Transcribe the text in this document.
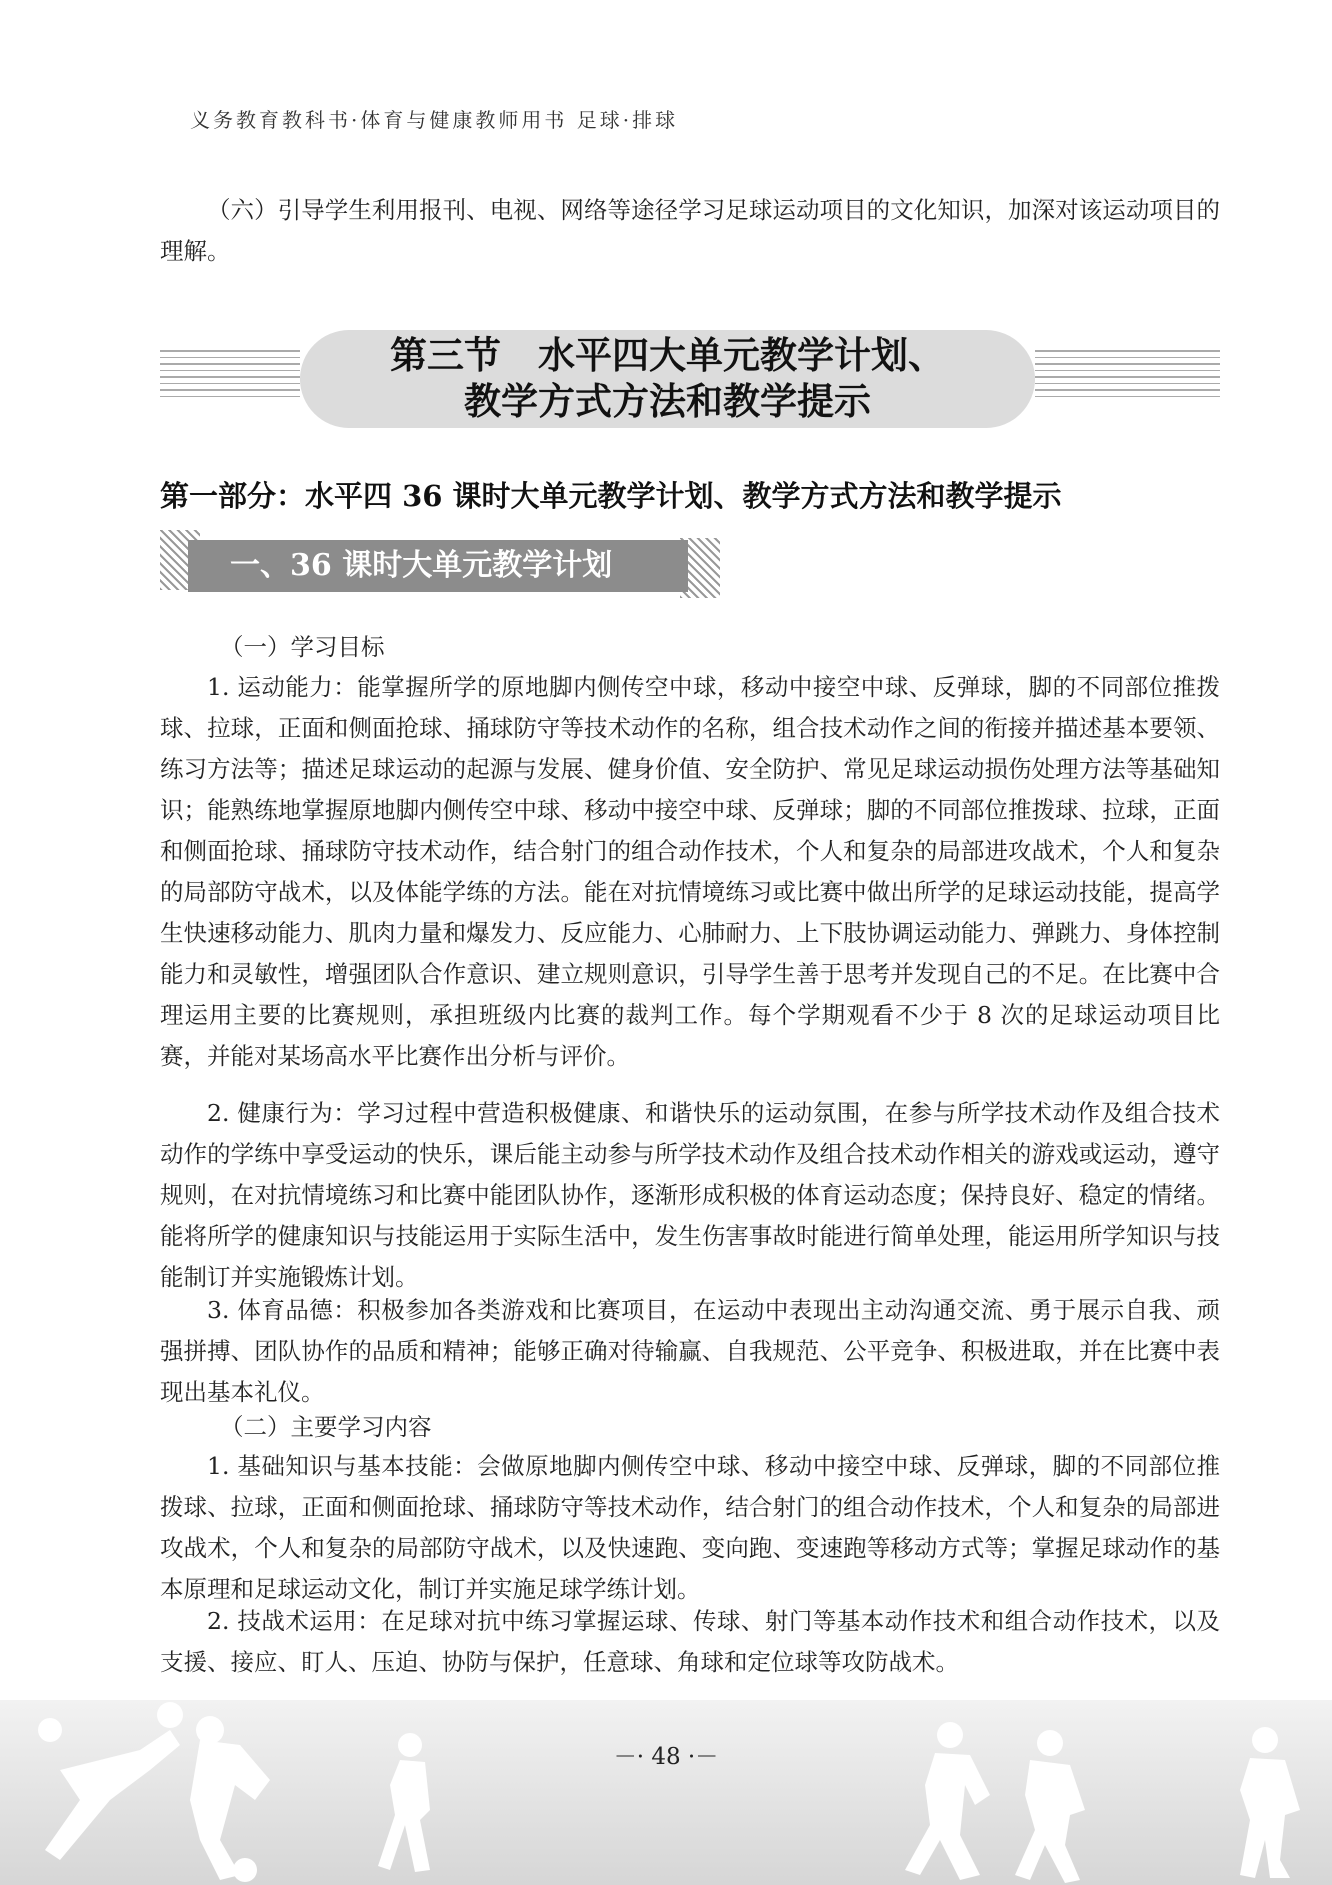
义务教育教科书·体育与健康教师用书 足球·排球

（六）引导学生利用报刊、电视、网络等途径学习足球运动项目的文化知识，加深对该运动项目的理解。

第三节　水平四大单元教学计划、
教学方式方法和教学提示
第一部分：水平四 36 课时大单元教学计划、教学方式方法和教学提示
一、36 课时大单元教学计划
（一）学习目标

1. 运动能力：能掌握所学的原地脚内侧传空中球，移动中接空中球、反弹球，脚的不同部位推拨球、拉球，正面和侧面抢球、捅球防守等技术动作的名称，组合技术动作之间的衔接并描述基本要领、练习方法等；描述足球运动的起源与发展、健身价值、安全防护、常见足球运动损伤处理方法等基础知识；能熟练地掌握原地脚内侧传空中球、移动中接空中球、反弹球；脚的不同部位推拨球、拉球，正面和侧面抢球、捅球防守技术动作，结合射门的组合动作技术，个人和复杂的局部进攻战术，个人和复杂的局部防守战术，以及体能学练的方法。能在对抗情境练习或比赛中做出所学的足球运动技能，提高学生快速移动能力、肌肉力量和爆发力、反应能力、心肺耐力、上下肢协调运动能力、弹跳力、身体控制能力和灵敏性，增强团队合作意识、建立规则意识，引导学生善于思考并发现自己的不足。在比赛中合理运用主要的比赛规则，承担班级内比赛的裁判工作。每个学期观看不少于 8 次的足球运动项目比赛，并能对某场高水平比赛作出分析与评价。

2. 健康行为：学习过程中营造积极健康、和谐快乐的运动氛围，在参与所学技术动作及组合技术动作的学练中享受运动的快乐，课后能主动参与所学技术动作及组合技术动作相关的游戏或运动，遵守规则，在对抗情境练习和比赛中能团队协作，逐渐形成积极的体育运动态度；保持良好、稳定的情绪。能将所学的健康知识与技能运用于实际生活中，发生伤害事故时能进行简单处理，能运用所学知识与技能制订并实施锻炼计划。

3. 体育品德：积极参加各类游戏和比赛项目，在运动中表现出主动沟通交流、勇于展示自我、顽强拼搏、团队协作的品质和精神；能够正确对待输赢、自我规范、公平竞争、积极进取，并在比赛中表现出基本礼仪。

（二）主要学习内容

1. 基础知识与基本技能：会做原地脚内侧传空中球、移动中接空中球、反弹球，脚的不同部位推拨球、拉球，正面和侧面抢球、捅球防守等技术动作，结合射门的组合动作技术，个人和复杂的局部进攻战术，个人和复杂的局部防守战术，以及快速跑、变向跑、变速跑等移动方式等；掌握足球动作的基本原理和足球运动文化，制订并实施足球学练计划。

2. 技战术运用：在足球对抗中练习掌握运球、传球、射门等基本动作技术和组合动作技术，以及支援、接应、盯人、压迫、协防与保护，任意球、角球和定位球等攻防战术。

－· 48 ·－
